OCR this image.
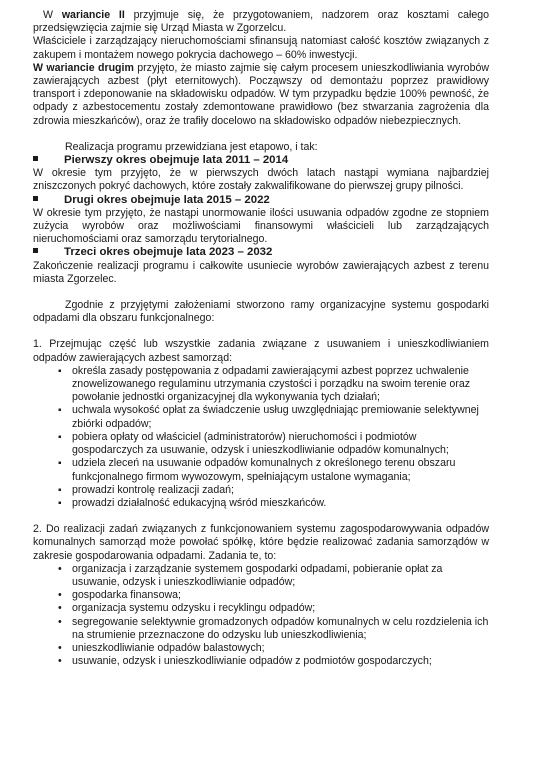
W wariancie II przyjmuje się, że przygotowaniem, nadzorem oraz kosztami całego przedsięwzięcia zajmie się Urząd Miasta w Zgorzelcu.

Właściciele i zarządzający nieruchomościami sfinansują natomiast całość kosztów związanych z zakupem i montażem nowego pokrycia dachowego – 60% inwestycji.

W wariancie drugim przyjęto, że miasto zajmie się całym procesem unieszkodliwiania wyrobów zawierających azbest (płyt eternitowych). Począwszy od demontażu poprzez prawidłowy transport i zdeponowanie na składowisku odpadów. W tym przypadku będzie 100% pewność, że odpady z azbestocementu zostały zdemontowane prawidłowo (bez stwarzania zagrożenia dla zdrowia mieszkańców), oraz że trafiły docelowo na składowisko odpadów niebezpiecznych.

Realizacja programu przewidziana jest etapowo, i tak:

Pierwszy okres obejmuje lata 2011 – 2014

W okresie tym przyjęto, że w pierwszych dwóch latach nastąpi wymiana najbardziej zniszczonych pokryć dachowych, które zostały zakwalifikowane do pierwszej grupy pilności.

Drugi okres obejmuje lata 2015 – 2022

W okresie tym przyjęto, że nastąpi unormowanie ilości usuwania odpadów zgodne ze stopniem zużycia wyrobów oraz możliwościami finansowymi właścicieli lub zarządzających nieruchomościami oraz samorządu terytorialnego.

Trzeci okres obejmuje lata 2023 – 2032

Zakończenie realizacji programu i całkowite usuniecie wyrobów zawierających azbest z terenu miasta Zgorzelec.

Zgodnie z przyjętymi założeniami stworzono ramy organizacyjne systemu gospodarki odpadami dla obszaru funkcjonalnego:

1. Przejmując część lub wszystkie zadania związane z usuwaniem i unieszkodliwianiem odpadów zawierających azbest samorząd:

▪ określa zasady postępowania z odpadami zawierającymi azbest poprzez uchwalenie znowelizowanego regulaminu utrzymania czystości i porządku na swoim terenie oraz powołanie jednostki organizacyjnej dla wykonywania tych działań;
▪ uchwala wysokość opłat za świadczenie usług uwzględniając premiowanie selektywnej zbiórki odpadów;
▪ pobiera opłaty od właściciel (administratorów) nieruchomości i podmiotów gospodarczych za usuwanie, odzysk i unieszkodliwianie odpadów komunalnych;
▪ udziela zleceń na usuwanie odpadów komunalnych z określonego terenu obszaru funkcjonalnego firmom wywozowym, spełniającym ustalone wymagania;
▪ prowadzi kontrolę realizacji zadań;
▪ prowadzi działalność edukacyjną wśród mieszkańców.

2. Do realizacji zadań związanych z funkcjonowaniem systemu zagospodarowywania odpadów komunalnych samorząd może powołać spółkę, które będzie realizować zadania samorządów w zakresie gospodarowania odpadami. Zadania te, to:

• organizacja i zarządzanie systemem gospodarki odpadami, pobieranie opłat za usuwanie, odzysk i unieszkodliwianie odpadów;
• gospodarka finansowa;
• organizacja systemu odzysku i recyklingu odpadów;
• segregowanie selektywnie gromadzonych odpadów komunalnych w celu rozdzielenia ich na strumienie przeznaczone do odzysku lub unieszkodliwienia;
• unieszkodliwianie odpadów balastowych;
• usuwanie, odzysk i unieszkodliwianie odpadów z podmiotów gospodarczych;
